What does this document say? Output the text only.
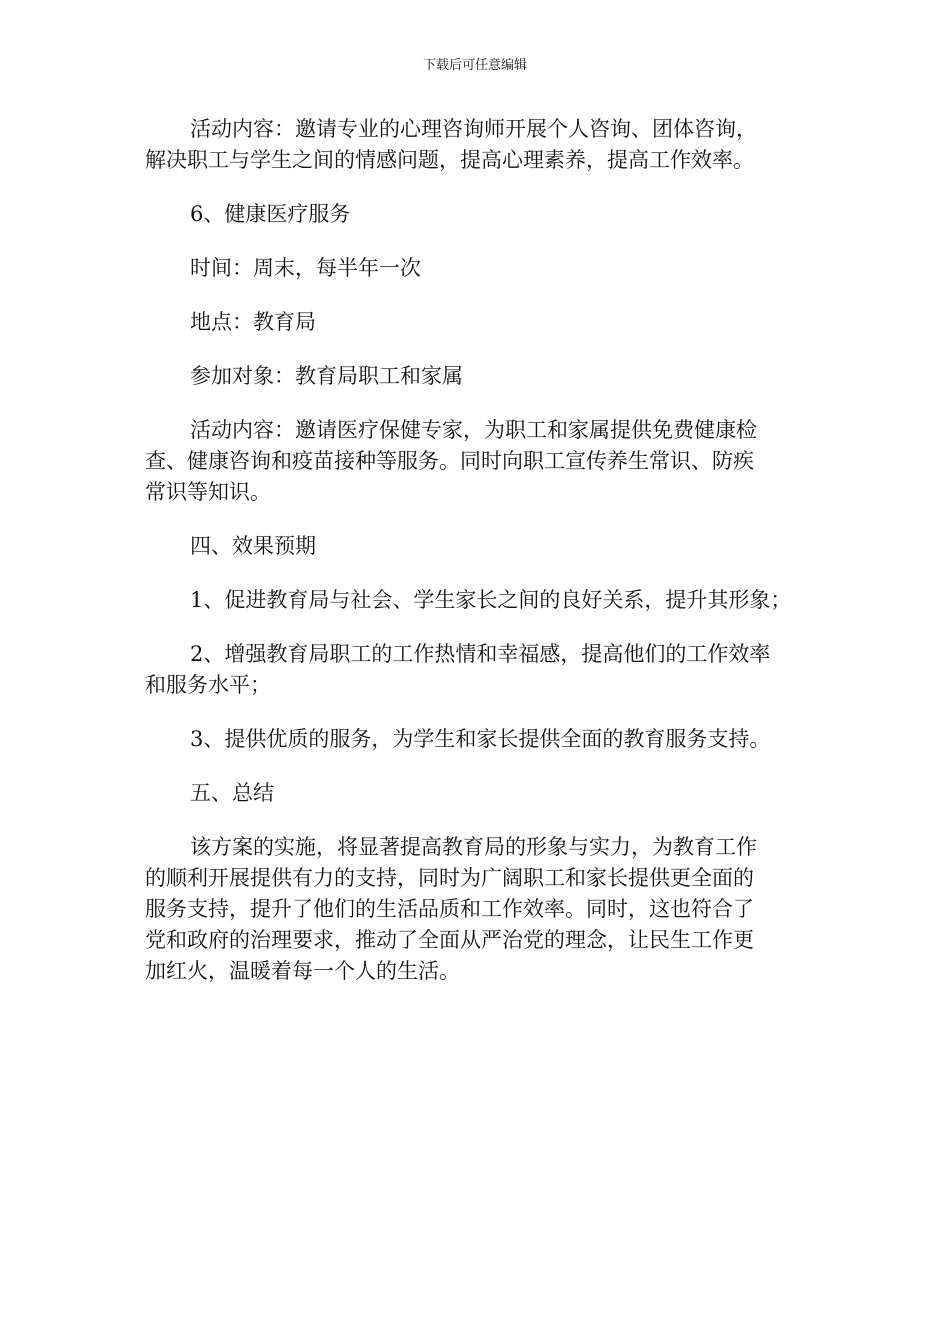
下载后可任意编辑
活动内容：邀请专业的心理咨询师开展个人咨询、团体咨询，
解决职工与学生之间的情感问题，提高心理素养，提高工作效率。
6、健康医疗服务
时间：周末，每半年一次
地点：教育局
参加对象：教育局职工和家属
活动内容：邀请医疗保健专家，为职工和家属提供免费健康检
查、健康咨询和疫苗接种等服务。同时向职工宣传养生常识、防疾
常识等知识。
四、效果预期
1、促进教育局与社会、学生家长之间的良好关系，提升其形象；
2、增强教育局职工的工作热情和幸福感，提高他们的工作效率
和服务水平；
3、提供优质的服务，为学生和家长提供全面的教育服务支持。
五、总结
该方案的实施，将显著提高教育局的形象与实力，为教育工作
的顺利开展提供有力的支持，同时为广阔职工和家长提供更全面的
服务支持，提升了他们的生活品质和工作效率。同时，这也符合了
党和政府的治理要求，推动了全面从严治党的理念，让民生工作更
加红火，温暖着每一个人的生活。
